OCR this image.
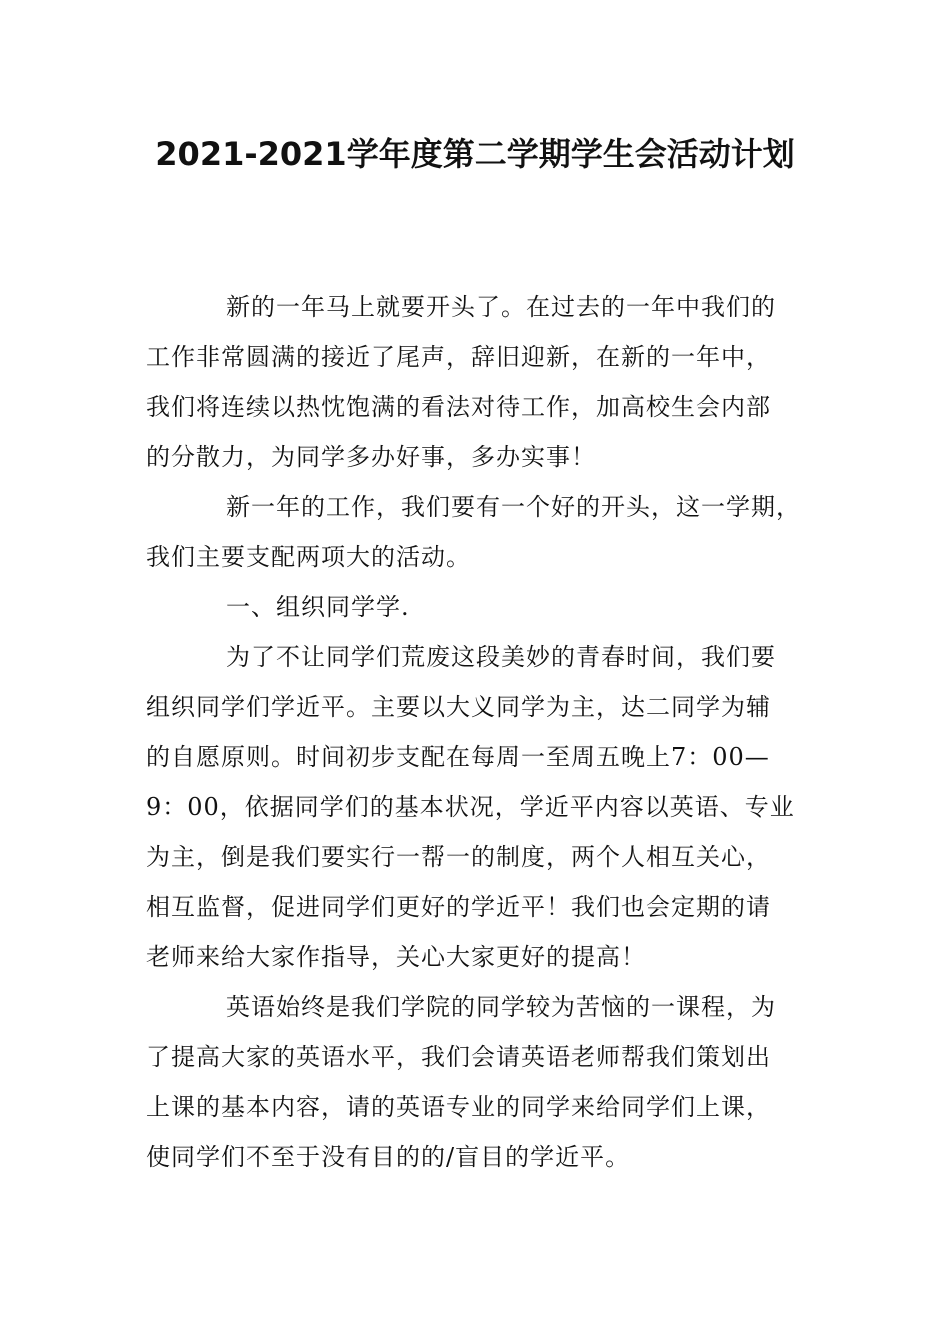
2021-2021学年度第二学期学生会活动计划

新的一年马上就要开头了。在过去的一年中我们的
工作非常圆满的接近了尾声，辞旧迎新，在新的一年中，
我们将连续以热忱饱满的看法对待工作，加高校生会内部
的分散力，为同学多办好事，多办实事！

新一年的工作，我们要有一个好的开头，这一学期，
我们主要支配两项大的活动。

一、组织同学学.

为了不让同学们荒废这段美妙的青春时间，我们要
组织同学们学近平。主要以大义同学为主，达二同学为辅
的自愿原则。时间初步支配在每周一至周五晚上7：00—
9：00，依据同学们的基本状况，学近平内容以英语、专业
为主，倒是我们要实行一帮一的制度，两个人相互关心，
相互监督，促进同学们更好的学近平！我们也会定期的请
老师来给大家作指导，关心大家更好的提高！

英语始终是我们学院的同学较为苦恼的一课程，为
了提高大家的英语水平，我们会请英语老师帮我们策划出
上课的基本内容，请的英语专业的同学来给同学们上课，
使同学们不至于没有目的的/盲目的学近平。
